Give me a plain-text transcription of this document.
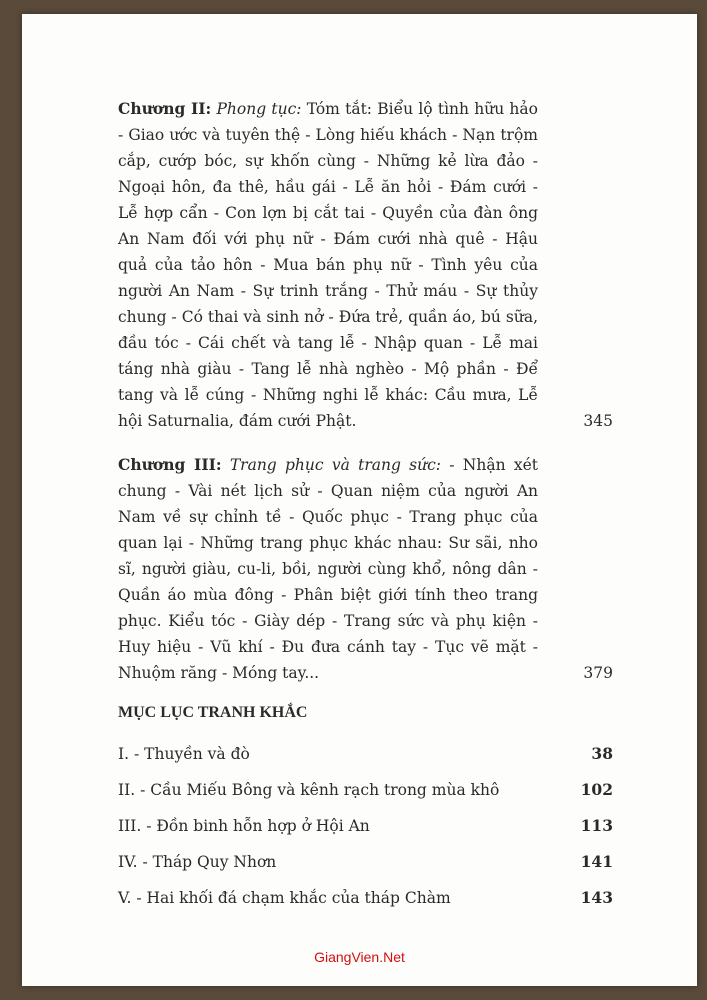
Chương II: Phong tục: Tóm tắt: Biểu lộ tình hữu hảo - Giao ước và tuyên thệ - Lòng hiếu khách - Nạn trộm cắp, cướp bóc, sự khốn cùng - Những kẻ lừa đảo - Ngoại hôn, đa thê, hầu gái - Lễ ăn hỏi - Đám cưới - Lễ hợp cẩn - Con lợn bị cắt tai - Quyền của đàn ông An Nam đối với phụ nữ - Đám cưới nhà quê - Hậu quả của tảo hôn - Mua bán phụ nữ - Tình yêu của người An Nam - Sự trinh trắng - Thử máu - Sự thủy chung - Có thai và sinh nở - Đứa trẻ, quần áo, bú sữa, đầu tóc - Cái chết và tang lễ - Nhập quan - Lễ mai táng nhà giàu - Tang lễ nhà nghèo - Mộ phần - Để tang và lễ cúng - Những nghi lễ khác: Cầu mưa, Lễ hội Saturnalia, đám cưới Phật.	345
Chương III: Trang phục và trang sức: - Nhận xét chung - Vài nét lịch sử - Quan niệm của người An Nam về sự chỉnh tề - Quốc phục - Trang phục của quan lại - Những trang phục khác nhau: Sư sãi, nho sĩ, người giàu, cu-li, bồi, người cùng khổ, nông dân - Quần áo mùa đông - Phân biệt giới tính theo trang phục. Kiểu tóc - Giày dép - Trang sức và phụ kiện - Huy hiệu - Vũ khí - Đu đưa cánh tay - Tục vẽ mặt - Nhuộm răng - Móng tay...	379
MỤC LỤC TRANH KHẮC
I. - Thuyền và đò	38
II. - Cầu Miếu Bông và kênh rạch trong mùa khô	102
III. - Đồn binh hỗn hợp ở Hội An	113
IV. - Tháp Quy Nhơn	141
V. - Hai khối đá chạm khắc của tháp Chàm	143
GiangVien.Net
